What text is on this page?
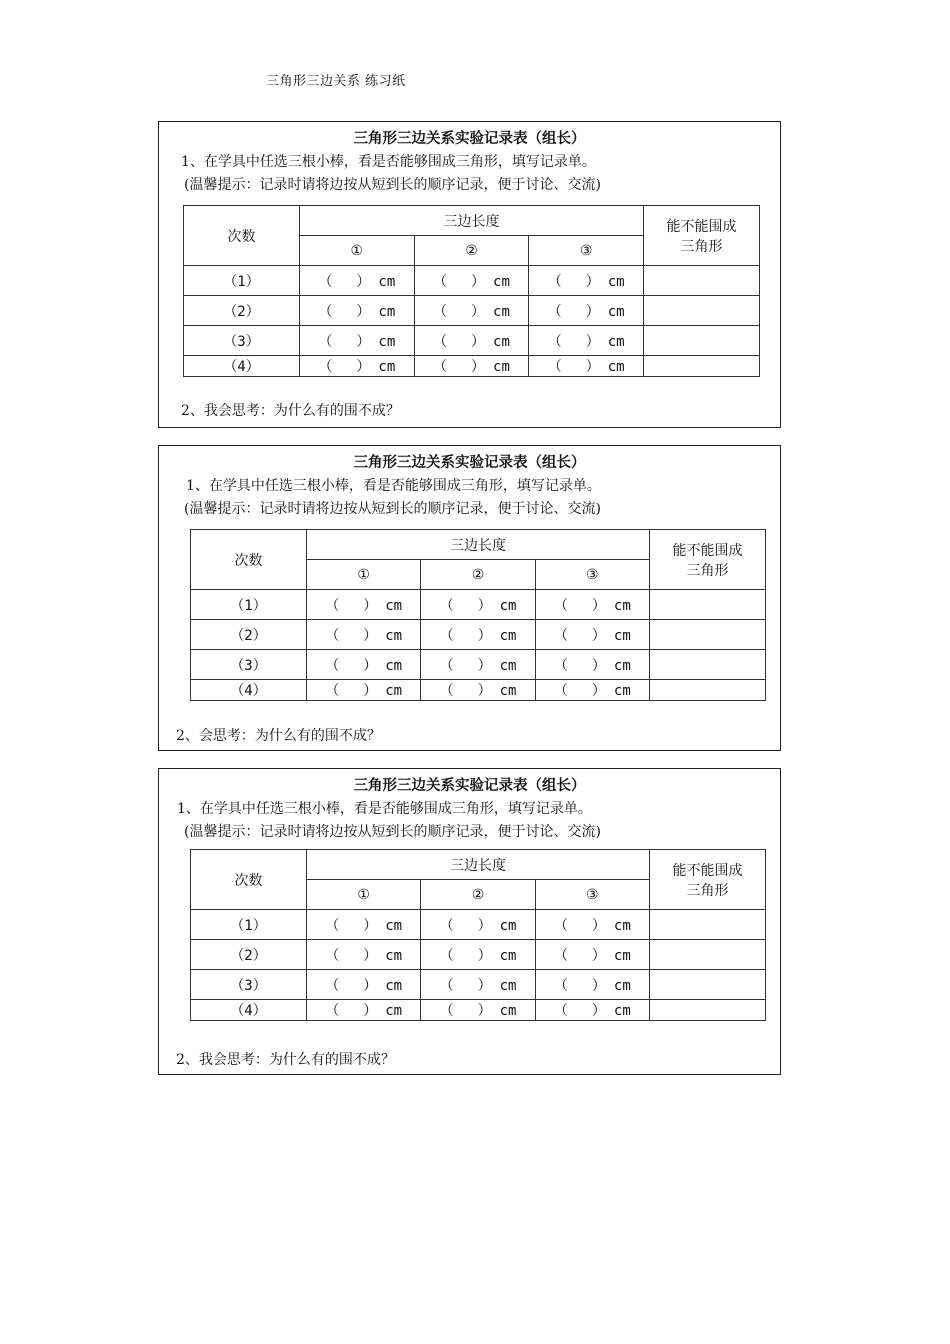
三角形三边关系 练习纸
三角形三边关系实验记录表（组长）
1、在学具中任选三根小棒，看是否能够围成三角形，填写记录单。
(温馨提示：记录时请将边按从短到长的顺序记录，便于讨论、交流)
次数	三边长度			能不能围成
三角形

	①	②	③	
（1）	（ ） cm	（ ） cm	（ ） cm	
（2）	（ ） cm	（ ） cm	（ ） cm	
（3）	（ ） cm	（ ） cm	（ ） cm	
（4）	（ ） cm	（ ） cm	（ ） cm	
2、我会思考：为什么有的围不成？
三角形三边关系实验记录表（组长）
1、在学具中任选三根小棒，看是否能够围成三角形，填写记录单。
(温馨提示：记录时请将边按从短到长的顺序记录，便于讨论、交流)
次数	三边长度			能不能围成
三角形

	①	②	③	
（1）	（ ） cm	（ ） cm	（ ） cm	
（2）	（ ） cm	（ ） cm	（ ） cm	
（3）	（ ） cm	（ ） cm	（ ） cm	
（4）	（ ） cm	（ ） cm	（ ） cm	
2、会思考：为什么有的围不成？
三角形三边关系实验记录表（组长）
1、在学具中任选三根小棒，看是否能够围成三角形，填写记录单。
(温馨提示：记录时请将边按从短到长的顺序记录，便于讨论、交流)
次数	三边长度			能不能围成
三角形

	①	②	③	
（1）	（ ） cm	（ ） cm	（ ） cm	
（2）	（ ） cm	（ ） cm	（ ） cm	
（3）	（ ） cm	（ ） cm	（ ） cm	
（4）	（ ） cm	（ ） cm	（ ） cm	
2、我会思考：为什么有的围不成？
